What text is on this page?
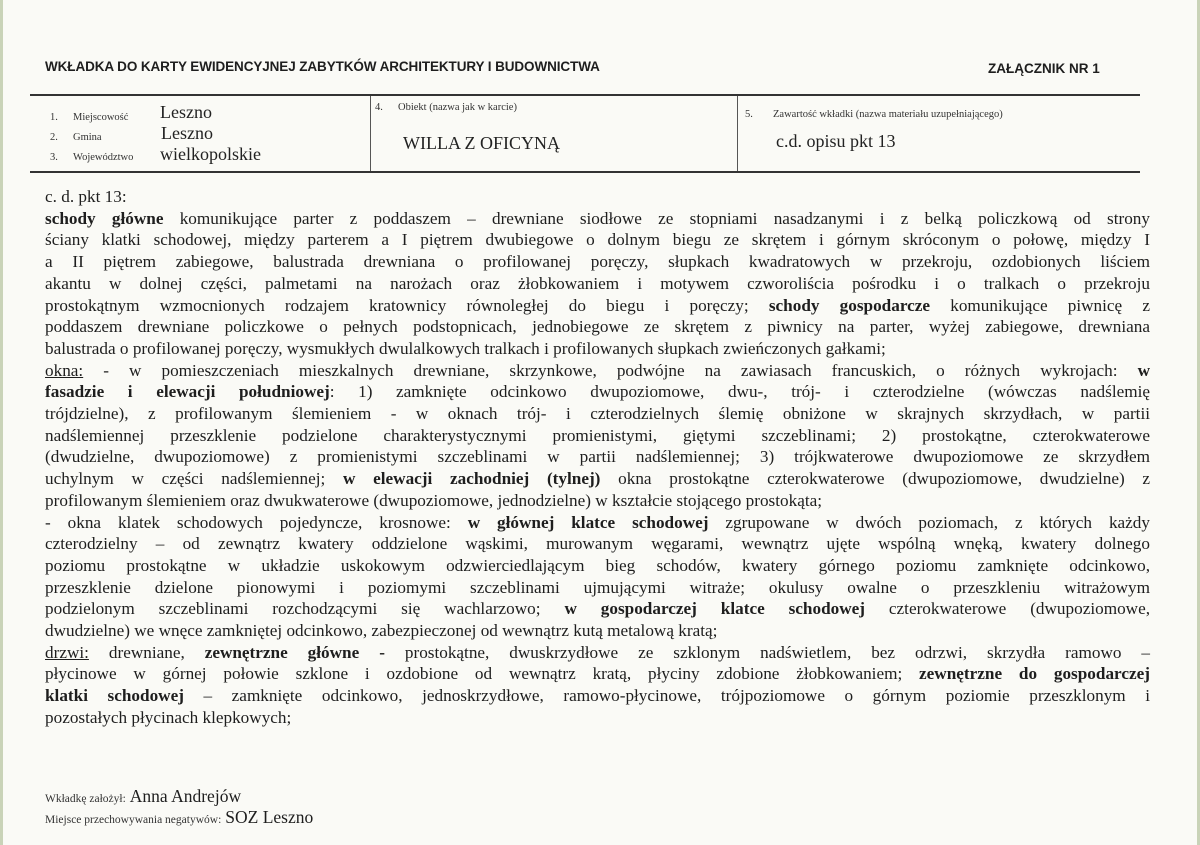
WKŁADKA DO KARTY EWIDENCYJNEJ ZABYTKÓW ARCHITEKTURY I BUDOWNICTWA	ZAŁĄCZNIK NR 1
1. Miejscowość Leszno
2. Gmina	Leszno
3. Województwo wielkopolskie
4. Obiekt (nazwa jak w karcie)
WILLA Z OFICYNĄ
5. Zawartość wkładki (nazwa materiału uzupełniającego)
c.d. opisu pkt 13
c. d. pkt 13:
schody główne komunikujące parter z poddaszem – drewniane siodłowe ze stopniami nasadzanymi i z belką policzkową od strony
ściany klatki schodowej, między parterem a I piętrem dwubiegowe o dolnym biegu ze skrętem i górnym skróconym o połowę, między I
a II piętrem zabiegowe, balustrada drewniana o profilowanej poręczy, słupkach kwadratowych w przekroju, ozdobionych liściem
akantu w dolnej części, palmetami na narożach oraz żłobkowaniem i motywem czworoliścia pośrodku i o tralkach o przekroju
prostokątnym wzmocnionych rodzajem kratownicy równoległej do biegu i poręczy; schody gospodarcze komunikujące piwnicę z
poddaszem drewniane policzkowe o pełnych podstopnicach, jednobiegowe ze skrętem z piwnicy na parter, wyżej zabiegowe, drewniana
balustrada o profilowanej poręczy, wysmukłych dwulalkowych tralkach i profilowanych słupkach zwieńczonych gałkami;
okna: - w pomieszczeniach mieszkalnych drewniane, skrzynkowe, podwójne na zawiasach francuskich, o różnych wykrojach: w
fasadzie i elewacji południowej: 1) zamknięte odcinkowo dwupoziomowe, dwu-, trój- i czterodzielne (wówczas nadślemię
trójdzielne), z profilowanym ślemieniem - w oknach trój- i czterodzielnych ślemię obniżone w skrajnych skrzydłach, w partii
nadślemiennej przeszklenie podzielone charakterystycznymi promienistymi, giętymi szczeblinami; 2) prostokątne, czterokwaterowe
(dwudzielne, dwupoziomowe) z promienistymi szczeblinami w partii nadślemiennej; 3) trójkwaterowe dwupoziomowe ze skrzydłem
uchylnym w części nadślemiennej; w elewacji zachodniej (tylnej) okna prostokątne czterokwaterowe (dwupoziomowe, dwudzielne) z
profilowanym ślemieniem oraz dwukwaterowe (dwupoziomowe, jednodzielne) w kształcie stojącego prostokąta;
- okna klatek schodowych pojedyncze, krosnowe: w głównej klatce schodowej zgrupowane w dwóch poziomach, z których każdy
czterodzielny – od zewnątrz kwatery oddzielone wąskimi, murowanym węgarami, wewnątrz ujęte wspólną wnęką, kwatery dolnego
poziomu prostokątne w układzie uskokowym odzwierciedlającym bieg schodów, kwatery górnego poziomu zamknięte odcinkowo,
przeszklenie dzielone pionowymi i poziomymi szczeblinami ujmującymi witraże; okulusy owalne o przeszkleniu witrażowym
podzielonym szczeblinami rozchodzącymi się wachlarzowo; w gospodarczej klatce schodowej czterokwaterowe (dwupoziomowe,
dwudzielne) we wnęce zamkniętej odcinkowo, zabezpieczonej od wewnątrz kutą metalową kratą;
drzwi: drewniane, zewnętrzne główne - prostokątne, dwuskrzydłowe ze szklonym nadświetlem, bez odrzwi, skrzydła ramowo –
płycinowe w górnej połowie szklone i ozdobione od wewnątrz kratą, płyciny zdobione żłobkowaniem; zewnętrzne do gospodarczej
klatki schodowej – zamknięte odcinkowo, jednoskrzydłowe, ramowo-płycinowe, trójpoziomowe o górnym poziomie przeszklonym i
pozostałych płycinach klepkowych;
Wkładkę założył: Anna Andrejów
Miejsce przechowywania negatywów: SOZ Leszno
